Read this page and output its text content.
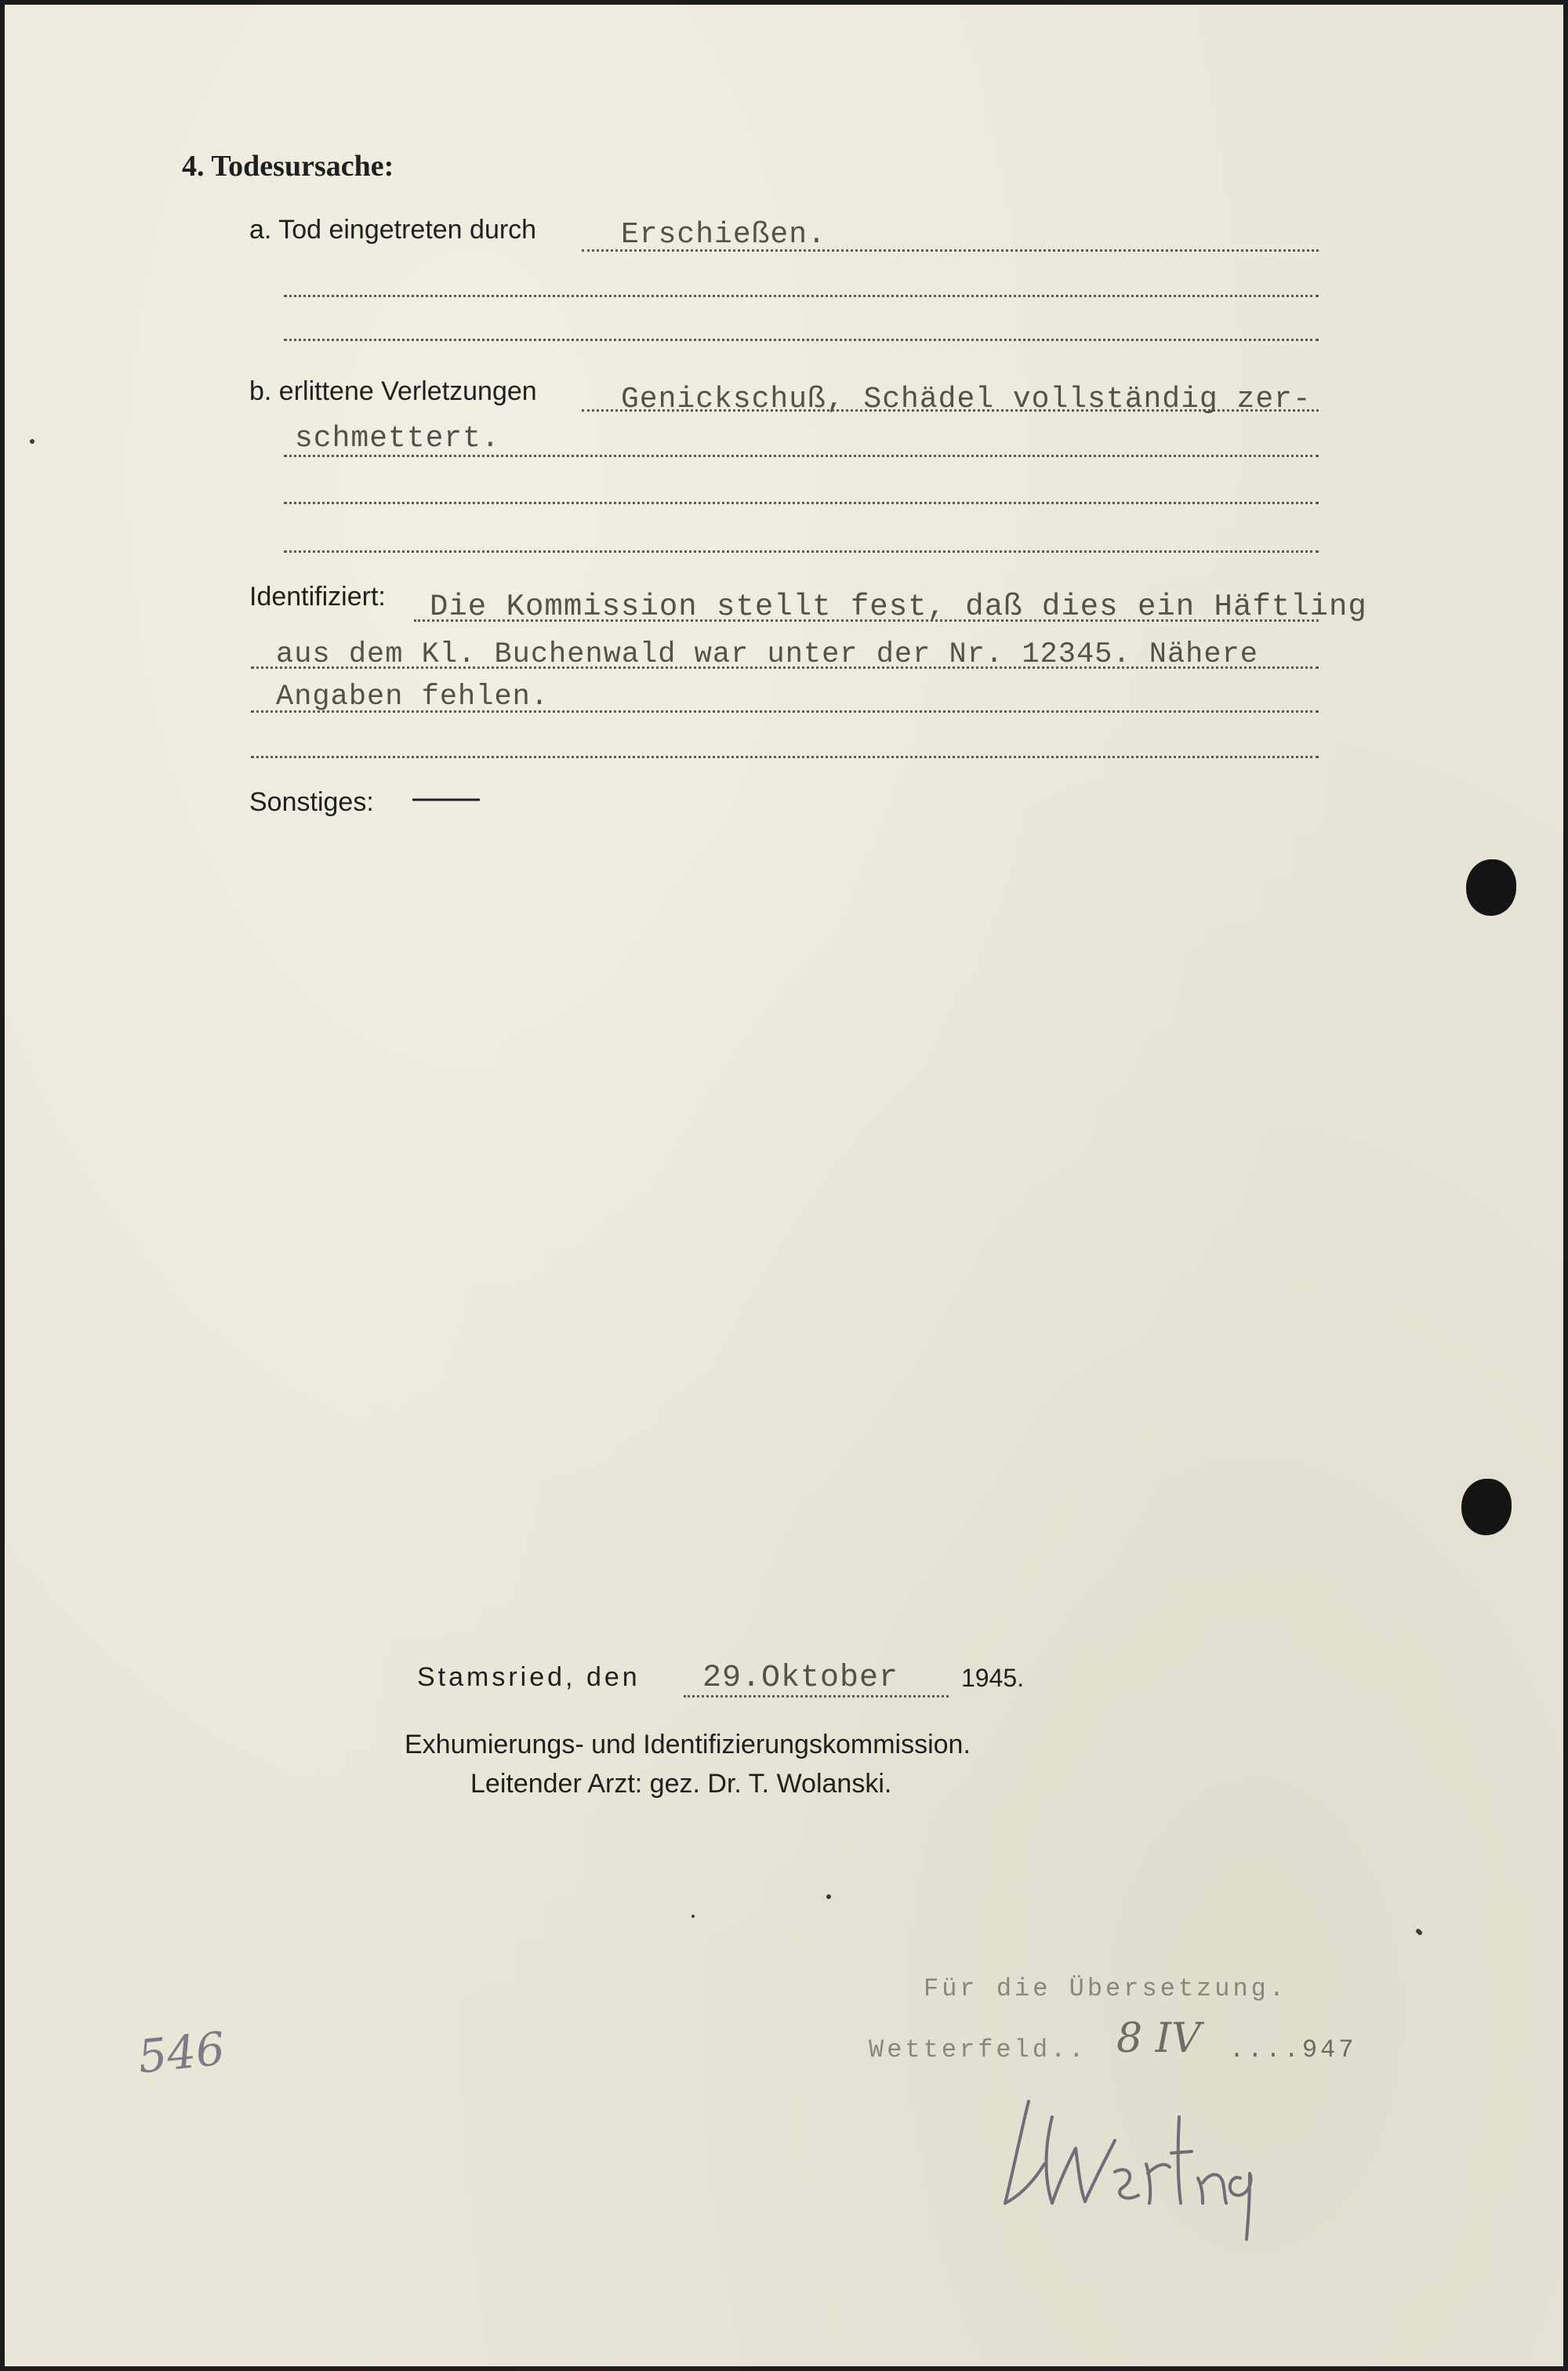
4. Todesursache:
a. Tod eingetreten durch	Erschießen.
b. erlittene Verletzungen	Genickschuß, Schädel vollständig zer-
schmettert.
Identifiziert: Die Kommission stellt fest, daß dies ein Häftling
aus dem Kl. Buchenwald war unter der Nr. 12345. Nähere
Angaben fehlen.
Sonstiges: ———
Stamsried, den 29.Oktober 1945.
Exhumierungs- und Identifizierungskommission.
Leitender Arzt: gez. Dr. T. Wolanski.
Für die Übersetzung.
Wetterfeld.. 8 IV ....947
546
